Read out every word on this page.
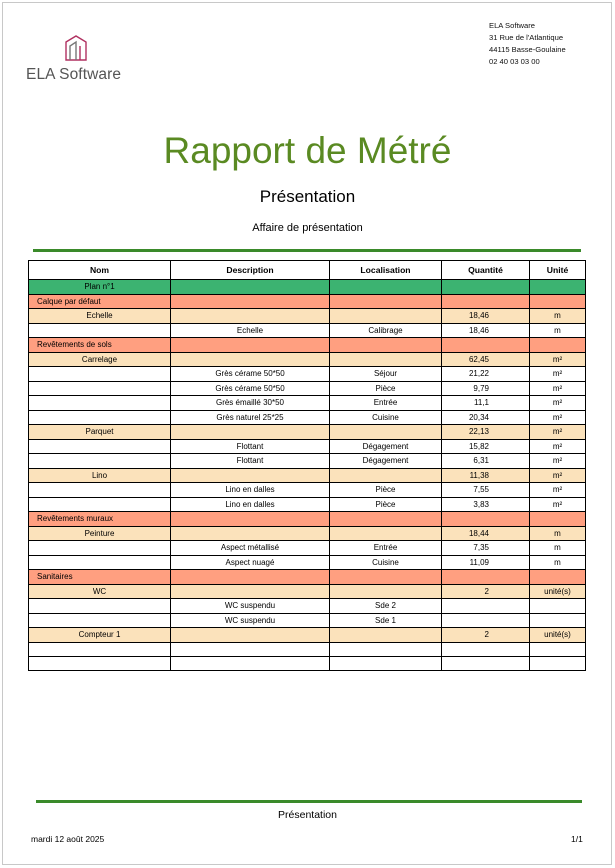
ELA Software
ELA Software
31 Rue de l'Atlantique
44115 Basse-Goulaine
02 40 03 03 00
Rapport de Métré
Présentation
Affaire de présentation
Nom	Description	Localisation	Quantité	Unité
Plan n°1				
Calque par défaut				
Echelle			18,46	m
	Echelle	Calibrage	18,46	m
Revêtements de sols				
Carrelage			62,45	m²
	Grès cérame 50*50	Séjour	21,22	m²
	Grès cérame 50*50	Pièce	9,79	m²
	Grès émaillé 30*50	Entrée	11,1	m²
	Grès naturel 25*25	Cuisine	20,34	m²
Parquet			22,13	m²
	Flottant	Dégagement	15,82	m²
	Flottant	Dégagement	6,31	m²
Lino			11,38	m²
	Lino en dalles	Pièce	7,55	m²
	Lino en dalles	Pièce	3,83	m²
Revêtements muraux				
Peinture			18,44	m
	Aspect métallisé	Entrée	7,35	m
	Aspect nuagé	Cuisine	11,09	m
Sanitaires				
WC			2	unité(s)
	WC suspendu	Sde 2		
	WC suspendu	Sde 1		
Compteur 1			2	unité(s)

Présentation
mardi 12 août 2025	1/1
